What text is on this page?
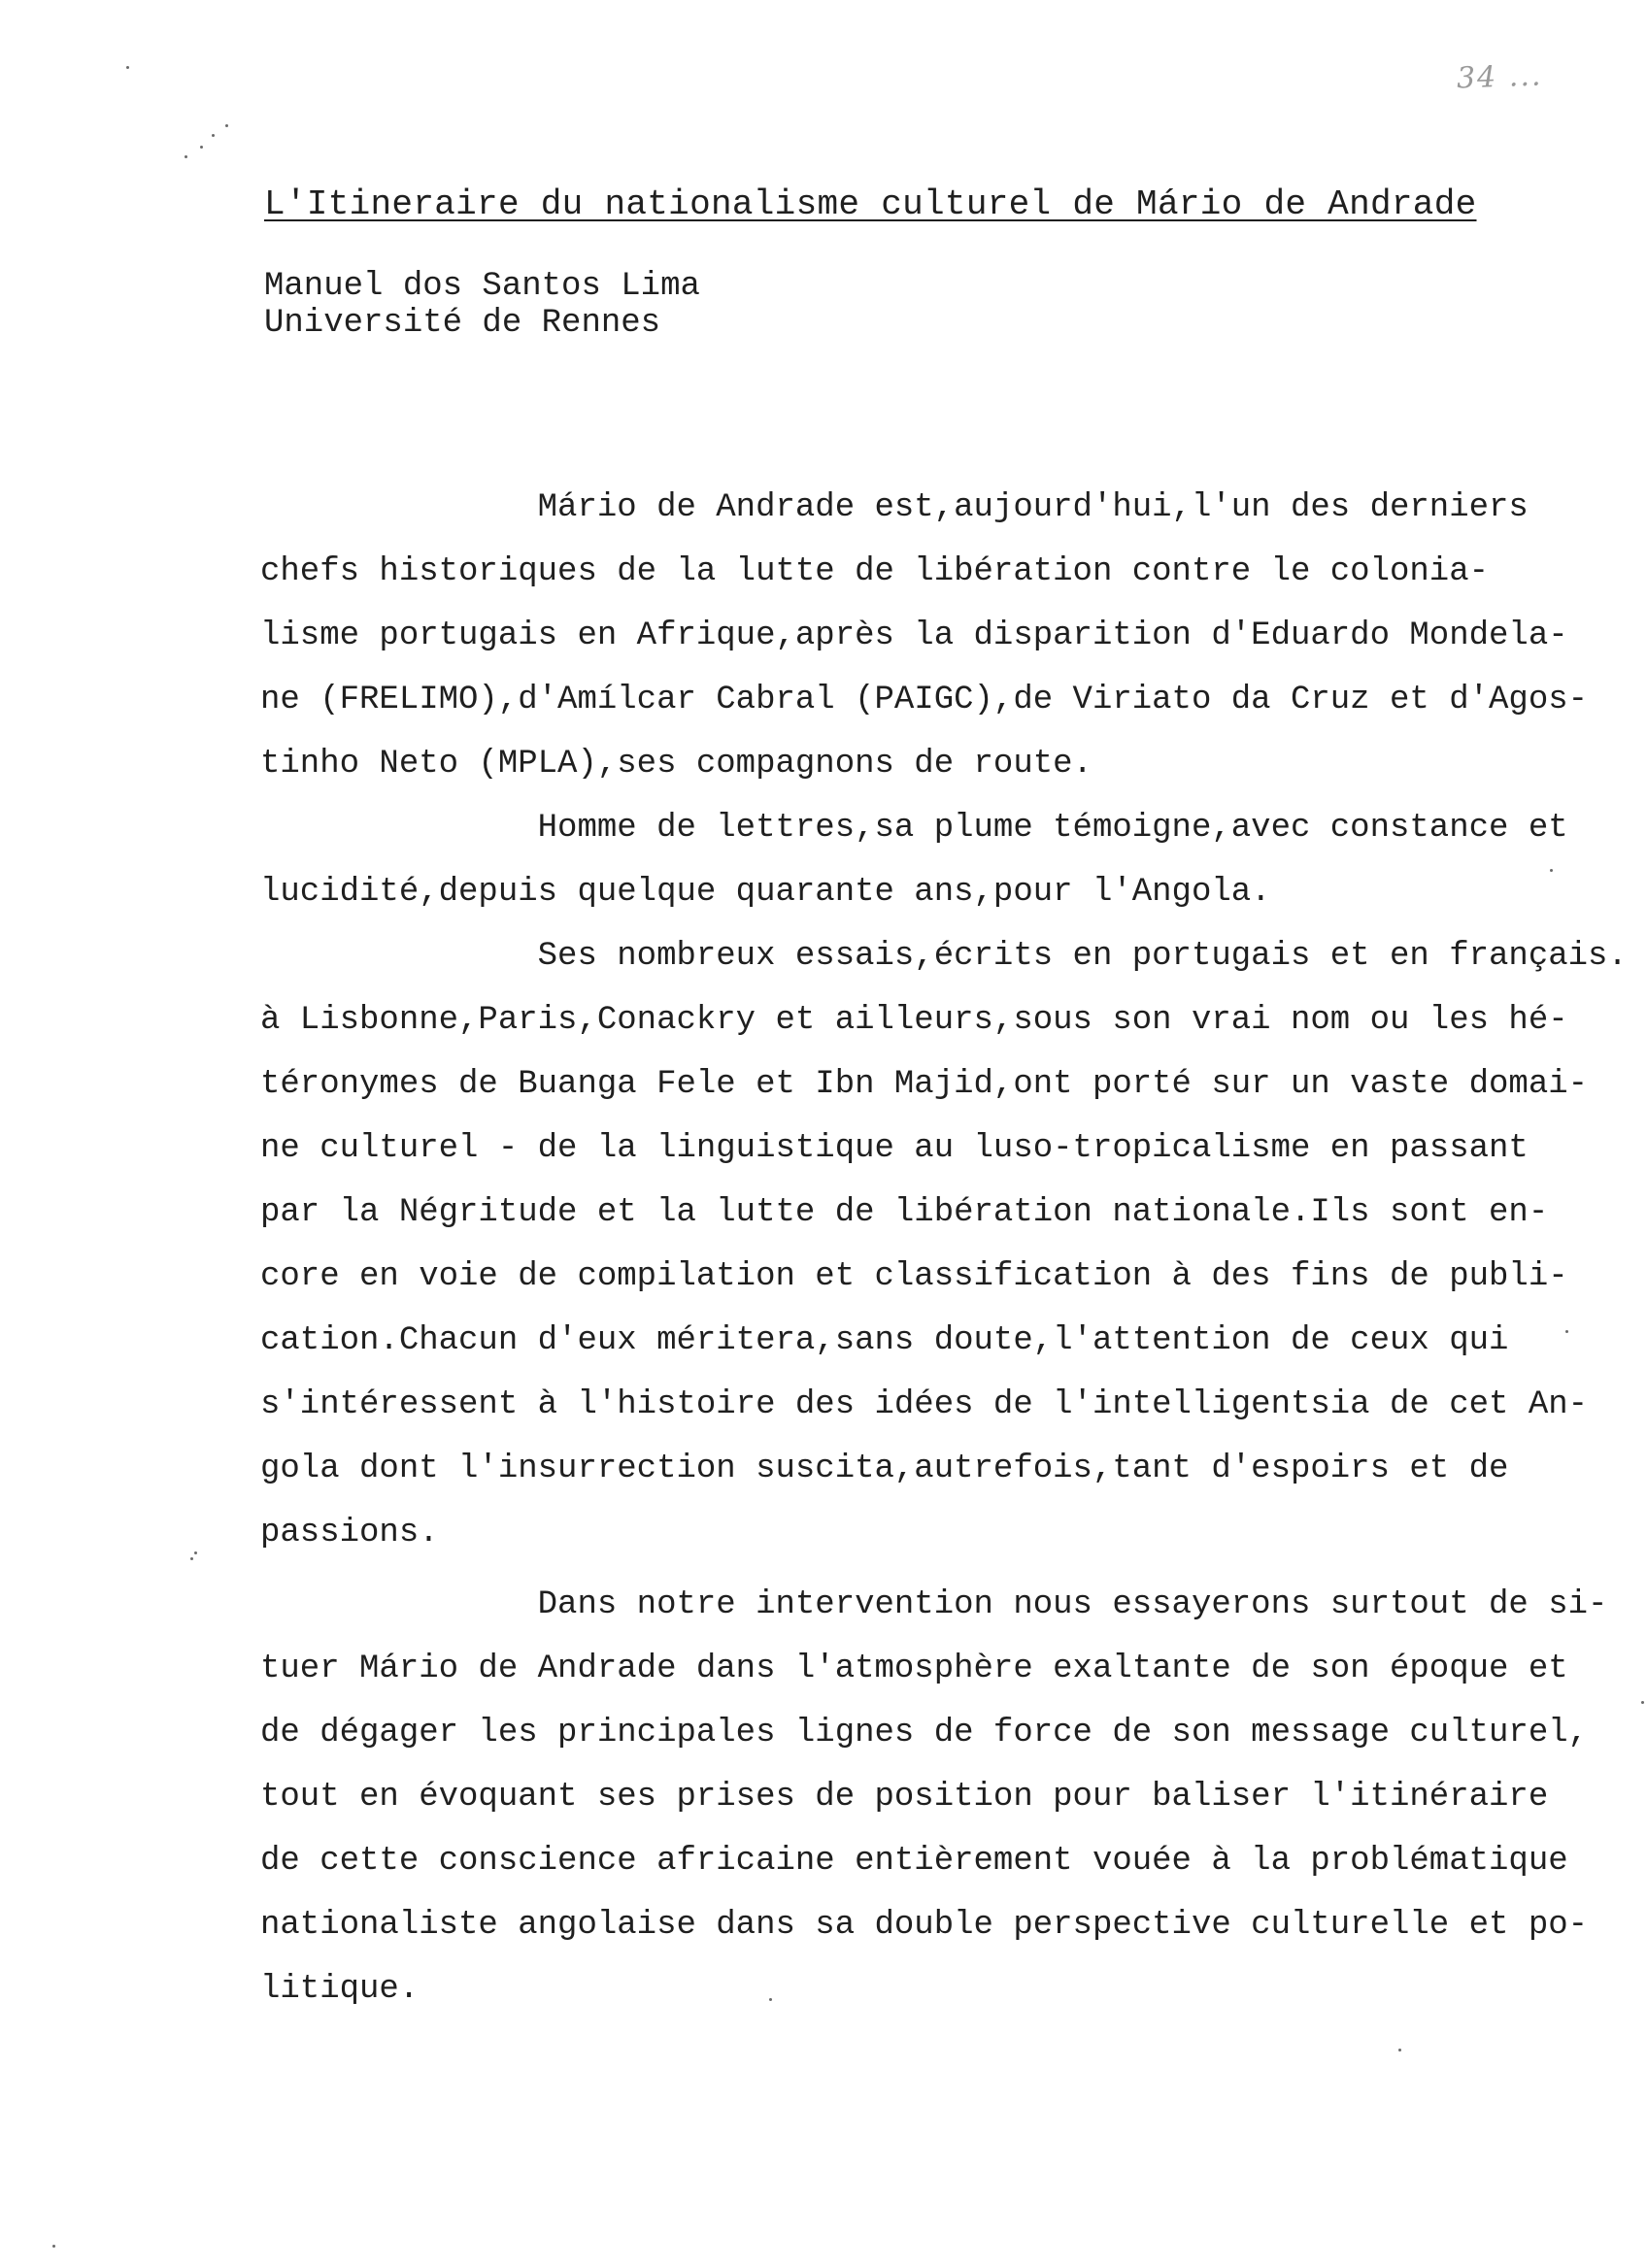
34 ...
L'Itineraire du nationalisme culturel de Mário de Andrade
Manuel dos Santos Lima
Université de Rennes
Mário de Andrade est,aujourd'hui,l'un des derniers
chefs historiques de la lutte de libération contre le colonia-
lisme portugais en Afrique,après la disparition d'Eduardo Mondela-
ne (FRELIMO),d'Amílcar Cabral (PAIGC),de Viriato da Cruz et d'Agos-
tinho Neto (MPLA),ses compagnons de route.
Homme de lettres,sa plume témoigne,avec constance et
lucidité,depuis quelque quarante ans,pour l'Angola.
Ses nombreux essais,écrits en portugais et en français.
à Lisbonne,Paris,Conackry et ailleurs,sous son vrai nom ou les hé-
téronymes de Buanga Fele et Ibn Majid,ont porté sur un vaste domai-
ne culturel - de la linguistique au luso-tropicalisme en passant
par la Négritude et la lutte de libération nationale.Ils sont en-
core en voie de compilation et classification à des fins de publi-
cation.Chacun d'eux méritera,sans doute,l'attention de ceux qui
s'intéressent à l'histoire des idées de l'intelligentsia de cet An-
gola dont l'insurrection suscita,autrefois,tant d'espoirs et de
passions.
Dans notre intervention nous essayerons surtout de si-
tuer Mário de Andrade dans l'atmosphère exaltante de son époque et
de dégager les principales lignes de force de son message culturel,
tout en évoquant ses prises de position pour baliser l'itinéraire
de cette conscience africaine entièrement vouée à la problématique
nationaliste angolaise dans sa double perspective culturelle et po-
litique.
